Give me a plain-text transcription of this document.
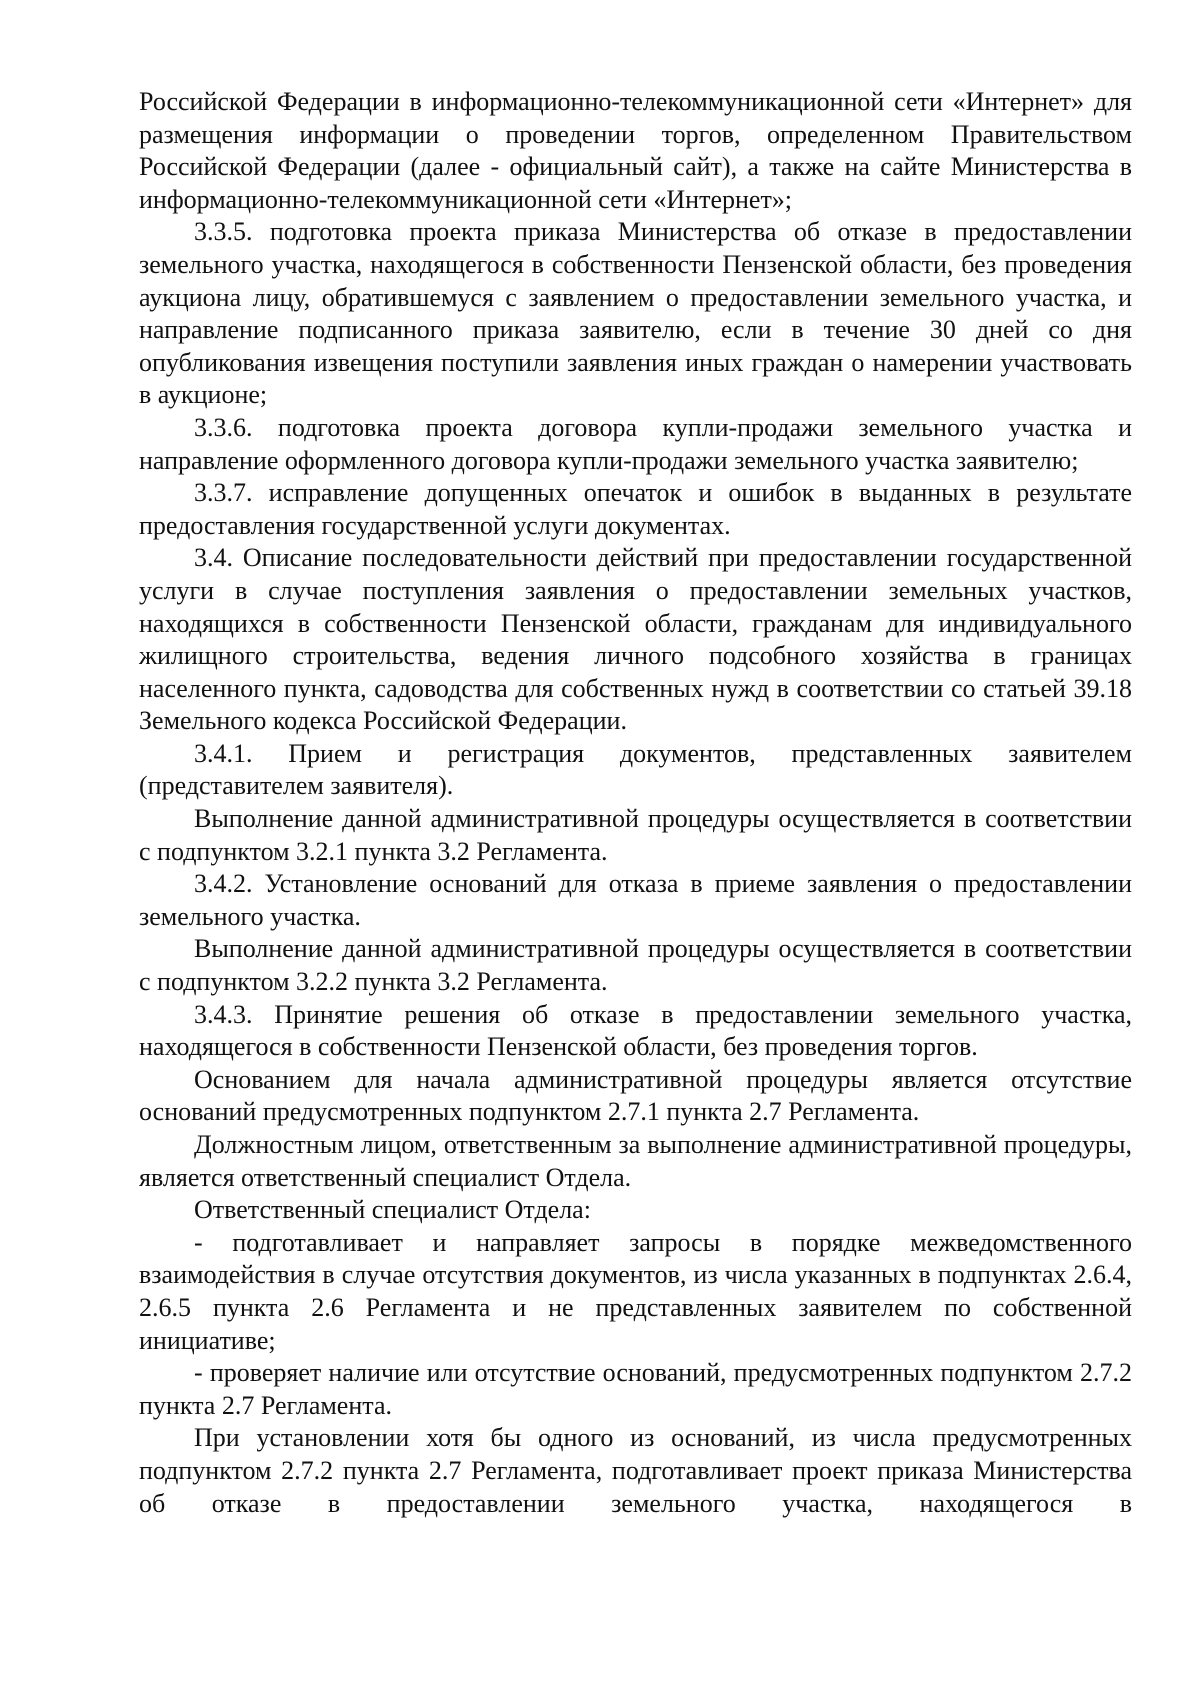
Российской Федерации в информационно-телекоммуникационной сети «Интернет» для размещения информации о проведении торгов, определенном Правительством Российской Федерации (далее - официальный сайт), а также на сайте Министерства в информационно-телекоммуникационной сети «Интернет»;

3.3.5. подготовка проекта приказа Министерства об отказе в предоставлении земельного участка, находящегося в собственности Пензенской области, без проведения аукциона лицу, обратившемуся с заявлением о предоставлении земельного участка, и направление подписанного приказа заявителю, если в течение 30 дней со дня опубликования извещения поступили заявления иных граждан о намерении участвовать в аукционе;

3.3.6. подготовка проекта договора купли-продажи земельного участка и направление оформленного договора купли-продажи земельного участка заявителю;

3.3.7. исправление допущенных опечаток и ошибок в выданных в результате предоставления государственной услуги документах.

3.4. Описание последовательности действий при предоставлении государственной услуги в случае поступления заявления о предоставлении земельных участков, находящихся в собственности Пензенской области, гражданам для индивидуального жилищного строительства, ведения личного подсобного хозяйства в границах населенного пункта, садоводства для собственных нужд в соответствии со статьей 39.18 Земельного кодекса Российской Федерации.

3.4.1. Прием и регистрация документов, представленных заявителем (представителем заявителя).

Выполнение данной административной процедуры осуществляется в соответствии с подпунктом 3.2.1 пункта 3.2 Регламента.

3.4.2. Установление оснований для отказа в приеме заявления о предоставлении земельного участка.

Выполнение данной административной процедуры осуществляется в соответствии с подпунктом 3.2.2 пункта 3.2 Регламента.

3.4.3. Принятие решения об отказе в предоставлении земельного участка, находящегося в собственности Пензенской области, без проведения торгов.

Основанием для начала административной процедуры является отсутствие оснований предусмотренных подпунктом 2.7.1 пункта 2.7 Регламента.

Должностным лицом, ответственным за выполнение административной процедуры, является ответственный специалист Отдела.

Ответственный специалист Отдела:

- подготавливает и направляет запросы в порядке межведомственного взаимодействия в случае отсутствия документов, из числа указанных в подпунктах 2.6.4, 2.6.5 пункта 2.6 Регламента и не представленных заявителем по собственной инициативе;

- проверяет наличие или отсутствие оснований, предусмотренных подпунктом 2.7.2 пункта 2.7 Регламента.

При установлении хотя бы одного из оснований, из числа предусмотренных подпунктом 2.7.2 пункта 2.7 Регламента, подготавливает проект приказа Министерства об отказе в предоставлении земельного участка, находящегося в
